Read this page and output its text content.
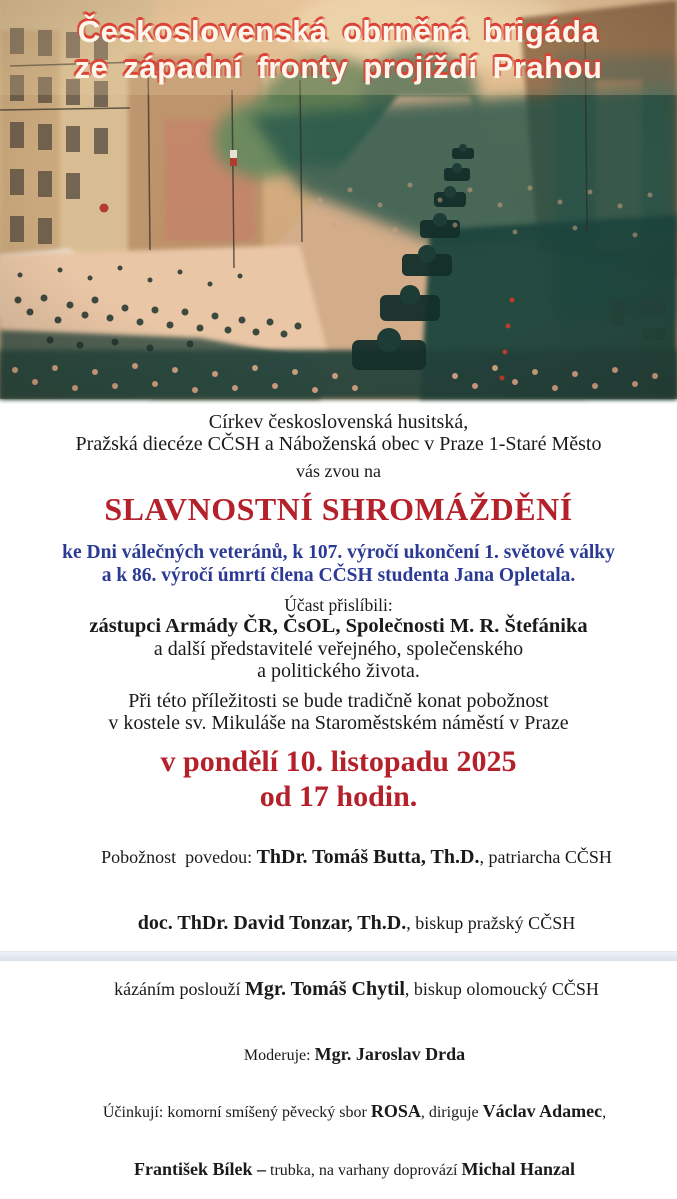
Československá obrněná brigáda
ze západní fronty projíždí Prahou
Církev československá husitská,
Pražská diecéze CČSH a Náboženská obec v Praze 1-Staré Město
vás zvou na
SLAVNOSTNÍ SHROMÁŽDĚNÍ
ke Dni válečných veteránů, k 107. výročí ukončení 1. světové války
a k 86. výročí úmrtí člena CČSH studenta Jana Opletala.
Účast přislíbili:
zástupci Armády ČR, ČsOL, Společnosti M. R. Štefánika
a další představitelé veřejného, společenského
a politického života.
Při této příležitosti se bude tradičně konat pobožnost
v kostele sv. Mikuláše na Staroměstském náměstí v Praze
v pondělí 10. listopadu 2025
od 17 hodin.

Pobožnost  povedou: ThDr. Tomáš Butta, Th.D., patriarcha CČSH

doc. ThDr. David Tonzar, Th.D., biskup pražský CČSH

kázáním poslouží Mgr. Tomáš Chytil, biskup olomoucký CČSH

Moderuje: Mgr. Jaroslav Drda

Účinkují: komorní smíšený pěvecký sbor ROSA, diriguje Václav Adamec,

František Bílek – trubka, na varhany doprovází Michal Hanzal
